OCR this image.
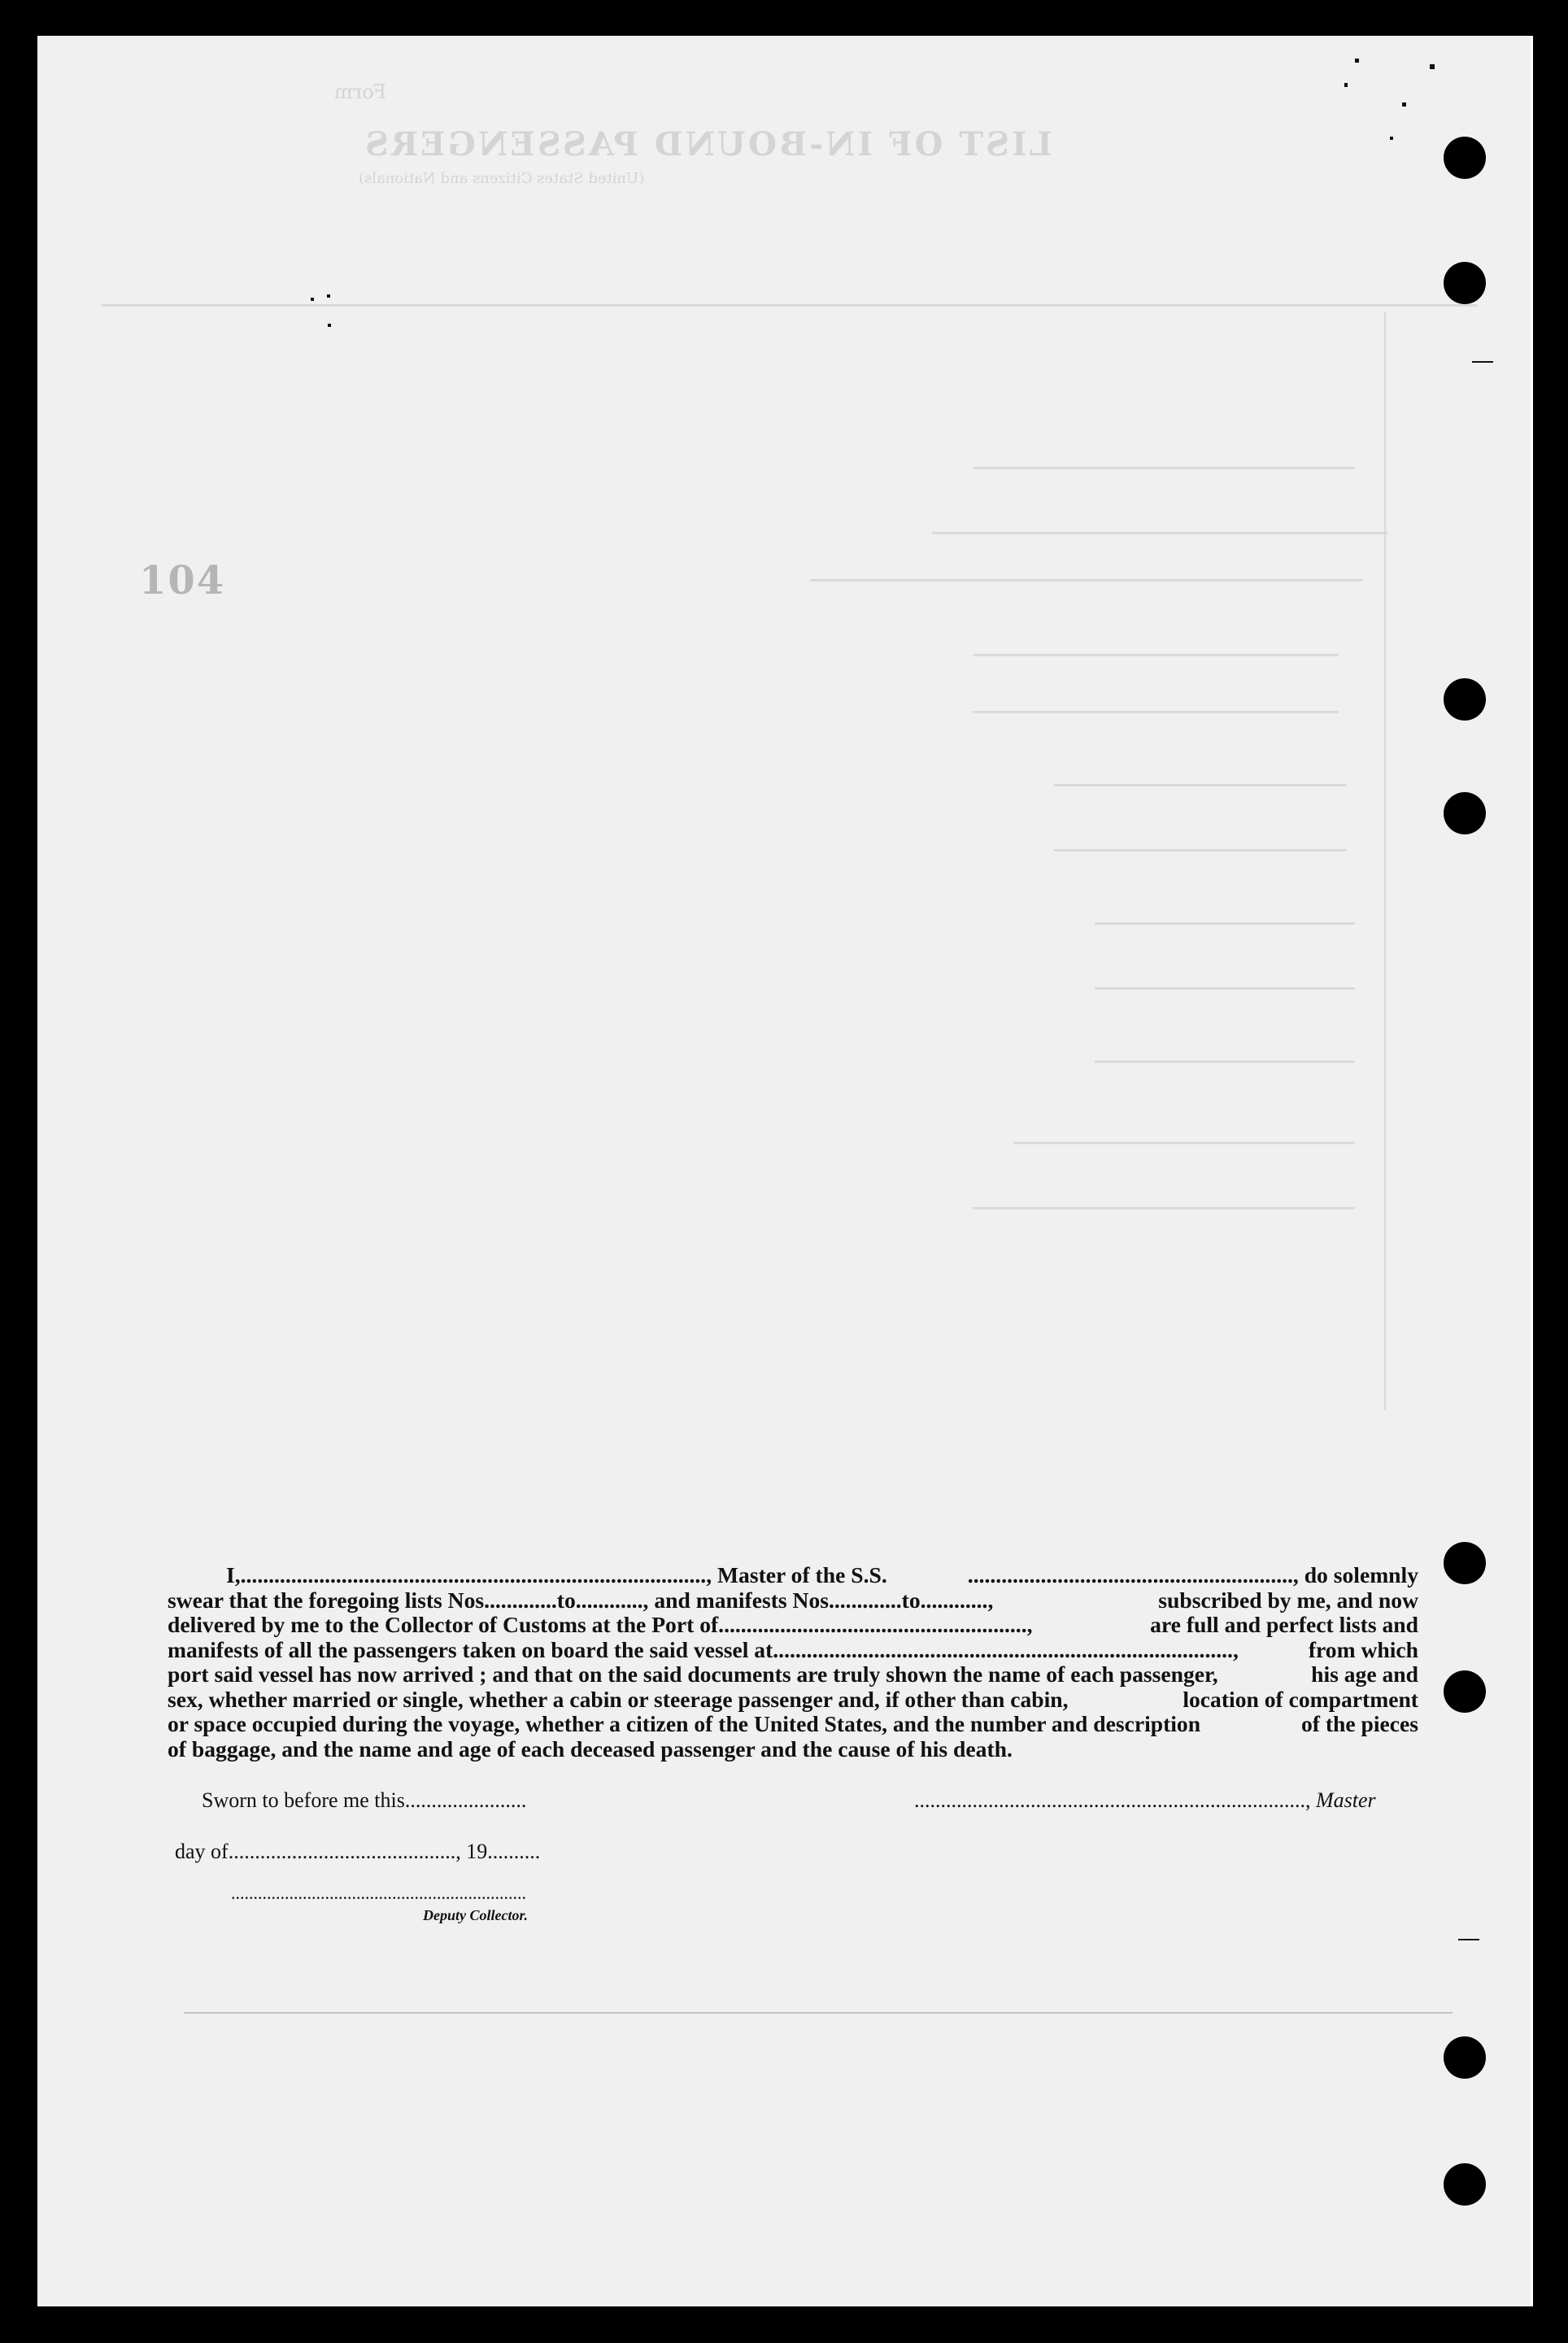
Form
LIST OF IN-BOUND PASSENGERS
(United States Citizens and Nationals)
104
I,..................................................................................., Master of the S.S.	.........................................................., do solemnly
swear that the foregoing lists Nos.............to............, and manifests Nos.............to............,	subscribed by me, and now
delivered by me to the Collector of Customs at the Port of.......................................................,	are full and perfect lists and
manifests of all the passengers taken on board the said vessel at..................................................................................,	from which
port said vessel has now arrived ; and that on the said documents are truly shown the name of each passenger,	his age and
sex, whether married or single, whether a cabin or steerage passenger and, if other than cabin,	location of compartment
or space occupied during the voyage, whether a citizen of the United States, and the number and description	of the pieces
of baggage, and the name and age of each deceased passenger and the cause of his death.
Sworn to before me this.......................	.........................................................................., Master
day of..........................................., 19..........
..................................................................
Deputy Collector.
